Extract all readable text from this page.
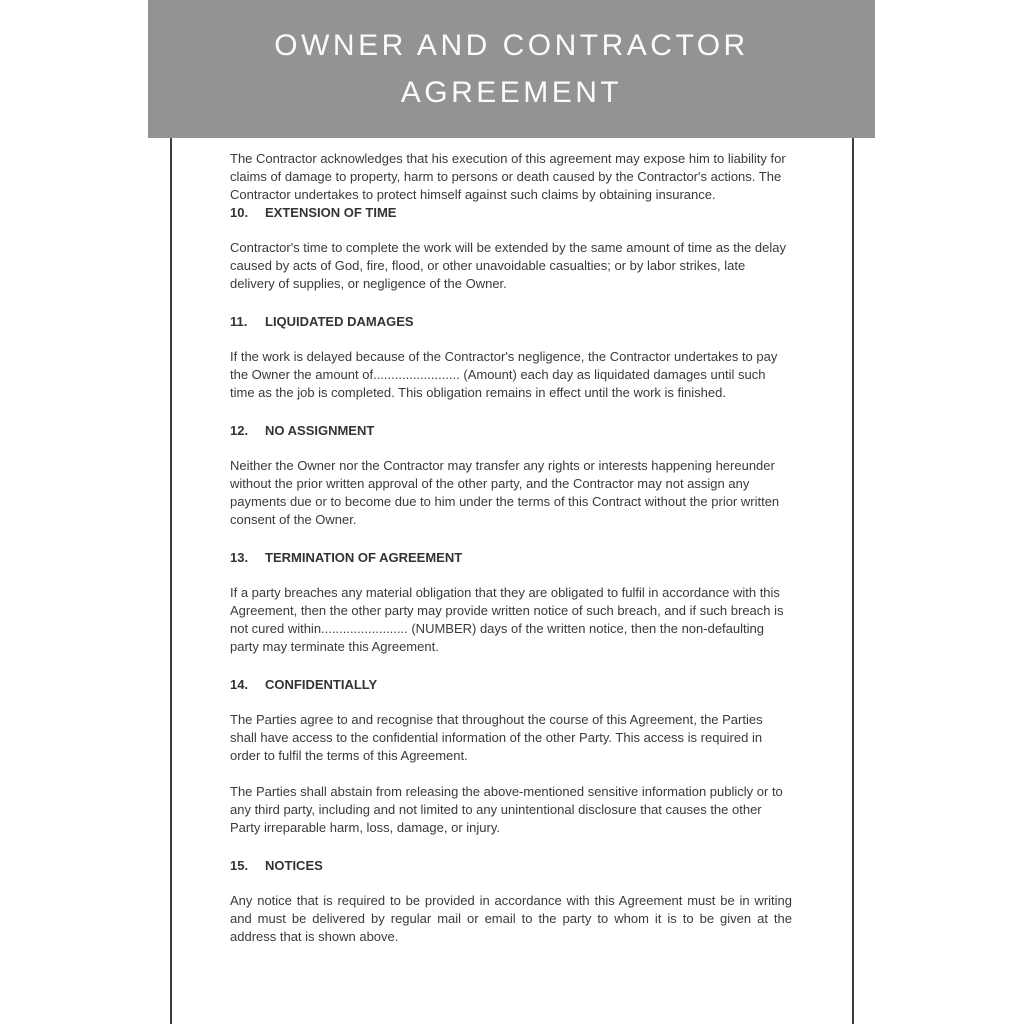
OWNER AND CONTRACTOR
AGREEMENT

The Contractor acknowledges that his execution of this agreement may expose him to liability for claims of damage to property, harm to persons or death caused by the Contractor's actions. The Contractor undertakes to protect himself against such claims by obtaining insurance.

10. EXTENSION OF TIME

Contractor's time to complete the work will be extended by the same amount of time as the delay caused by acts of God, fire, flood, or other unavoidable casualties; or by labor strikes, late delivery of supplies, or negligence of the Owner.

11. LIQUIDATED DAMAGES

If the work is delayed because of the Contractor's negligence, the Contractor undertakes to pay the Owner the amount of........................ (Amount) each day as liquidated damages until such time as the job is completed. This obligation remains in effect until the work is finished.

12. NO ASSIGNMENT

Neither the Owner nor the Contractor may transfer any rights or interests happening hereunder without the prior written approval of the other party, and the Contractor may not assign any payments due or to become due to him under the terms of this Contract without the prior written consent of the Owner.

13. TERMINATION OF AGREEMENT

If a party breaches any material obligation that they are obligated to fulfil in accordance with this Agreement, then the other party may provide written notice of such breach, and if such breach is not cured within........................ (NUMBER) days of the written notice, then the non-defaulting party may terminate this Agreement.

14. CONFIDENTIALLY

The Parties agree to and recognise that throughout the course of this Agreement, the Parties shall have access to the confidential information of the other Party. This access is required in order to fulfil the terms of this Agreement.

The Parties shall abstain from releasing the above-mentioned sensitive information publicly or to any third party, including and not limited to any unintentional disclosure that causes the other Party irreparable harm, loss, damage, or injury.

15. NOTICES

Any notice that is required to be provided in accordance with this Agreement must be in writing and must be delivered by regular mail or email to the party to whom it is to be given at the address that is shown above.
